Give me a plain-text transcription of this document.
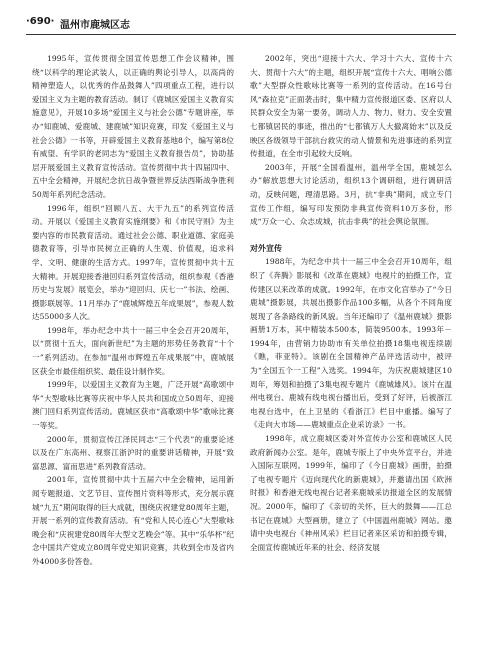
·690· 温州市鹿城区志

1995年，宣传贯彻全国宣传思想工作会议精神，围绕“以科学的理论武装人，以正确的舆论引导人，以高尚的精神塑造人，以优秀的作品鼓舞人”四项重点工程，进行以爱国主义为主题的教育活动。制订《鹿城区爱国主义教育实施意见》，开展10多场“爱国主义与社会公德”专题讲座，举办“知鹿城、爱鹿城、建鹿城”知识竞赛，印发《爱国主义与社会公德》一书等，开辟爱国主义教育基地8个，编写第8位有威望、有学识的老同志为“爱国主义教育报告员”，协助基层开展爱国主义教育宣传活动。宣传贯彻中共十四届四中、五中全会精神，开展纪念抗日战争暨世界反法西斯战争胜利50周年系列纪念活动。

1996年，组织“回顾八五、大干九五”的系列宣传活动。开展以《爱国主义教育实施纲要》和《市民守则》为主要内容的市民教育活动。通过社会公德、职业道德、家庭美德教育等，引导市民树立正确的人生观、价值观，追求科学、文明、健康的生活方式。1997年，宣传贯彻中共十五大精神。开展迎接香港回归系列宣传活动，组织参观《香港历史与发展》展览会，举办“迎回归、庆七一”书法、绘画、摄影联展等。11月举办了“鹿城辉煌五年成果展”，参观人数达55000多人次。

1998年，举办纪念中共十一届三中全会召开20周年，以“贯彻十五大，面向新世纪”为主题的形势任务教育“十个一”系列活动。在参加“温州市辉煌五年成果展”中，鹿城展区获全市最佳组织奖、最佳设计制作奖。

1999年，以爱国主义教育为主题，广泛开展“高歌颂中华”大型歌咏比赛等庆祝中华人民共和国成立50周年、迎接澳门回归系列宣传活动。鹿城区获市“高歌颂中华”歌咏比赛一等奖。

2000年，贯彻宣传江泽民同志“三个代表”的重要论述以及在广东高州、视察江浙沪时的重要讲话精神，开展“致富思源、富而思进”系列教育活动。

2001年，宣传贯彻中共十五届六中全会精神，运用新闻专题报道、文艺节目、宣传图片资料等形式，充分展示鹿城“九五”期间取得的巨大成就，围绕庆祝建党80周年主题，开展一系列的宣传教育活动。有“党和人民心连心”大型歌咏晚会和“庆祝建党80周年大型文艺晚会”等。其中“乐华杯”纪念中国共产党成立80周年党史知识竞赛，共收到全市及省内外4000多份答卷。

2002年，突出“迎接十六大、学习十六大、宣传十六大、贯彻十六大”的主题，组织开展“宣传十六大、唱响公德歌”大型群众性歌咏比赛等一系列的宣传活动。在16号台风“森拉克”正面袭击时，集中精力宣传报道区委、区府以人民群众安全为第一要务，调动人力、物力、财力、安全安置七都镇居民的事迹，推出的“七都镇万人大撤离始末”以及反映区各级领导干部抗台救灾的动人情景和先进事迹的系列宣传报道，在全市引起较大反响。

2003年，开展“全国看温州，温州学全国，鹿城怎么办”解放思想大讨论活动，组织13个调研组，进行调研活动，反映问题，理清思路。3月，抗“非典”期间，成立专门宣传工作组，编写印发预防非典宣传资料10万多份，形成“万众一心、众志成城，抗击非典”的社会舆论氛围。

对外宣传

1988年，为纪念中共十一届三中全会召开10周年，组织了《奔腾》影展和《改革在鹿城》电视片的拍摄工作，宣传建区以来改革的成就。1992年，在市文化宫举办了“今日鹿城”摄影展，共展出摄影作品100多幅，从各个不同角度展现了各条路线的新风貌。当年还编印了《温州鹿城》摄影画册1万本，其中精装本500本，简装9500本。1993年－1994年，由营销力协助市有关单位拍摄18集电视连续剧《瞧，菲亚特》。该剧在全国精神产品评选活动中，被评为“全国五个一工程”入选奖。1994年，为庆祝鹿城建区10周年，筹划和拍摄了3集电视专题片《鹿城雄风》。该片在温州电视台、鹿城有线电视台播出后，受到了好评，后被浙江电视台选中，在上卫星的《看浙江》栏目中重播。编写了《走向大市场——鹿城重点企业采访录》一书。

1998年，成立鹿城区委对外宣传办公室和鹿城区人民政府新闻办公室。是年，鹿城专版上了中央外宣平台，并进入国际互联网。1999年，编印了《今日鹿城》画册，拍摄了电视专题片《迈向现代化的新鹿城》，并邀请出国《欧洲时报》和香港无线电视台记者来鹿城采访报道全区的发展情况。2000年，编印了《亲切的关怀，巨大的鼓舞——江总书记在鹿城》大型画册，建立了《中国温州鹿城》网站。邀请中央电视台《神州风采》栏目记者来区采访和拍摄专辑，全面宣传鹿城近年来的社会、经济发展
